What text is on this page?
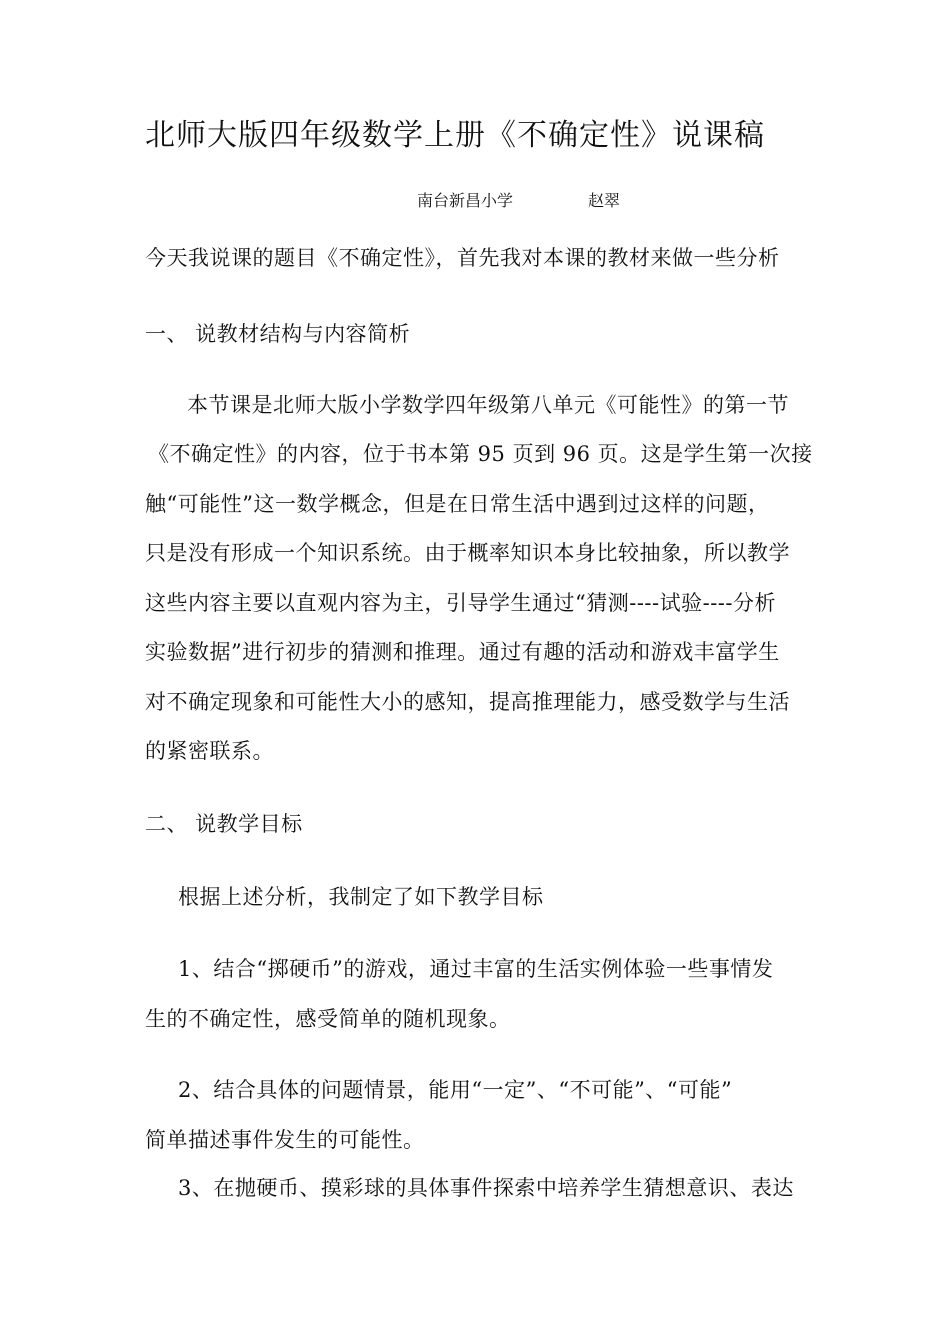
北师大版四年级数学上册《不确定性》说课稿
南台新昌小学	赵翠
今天我说课的题目《不确定性》，首先我对本课的教材来做一些分析
一、 说教材结构与内容简析
本节课是北师大版小学数学四年级第八单元《可能性》的第一节
《不确定性》的内容，位于书本第 95 页到 96 页。这是学生第一次接
触“可能性”这一数学概念，但是在日常生活中遇到过这样的问题，
只是没有形成一个知识系统。由于概率知识本身比较抽象，所以教学
这些内容主要以直观内容为主，引导学生通过“猜测----试验----分析
实验数据”进行初步的猜测和推理。通过有趣的活动和游戏丰富学生
对不确定现象和可能性大小的感知，提高推理能力，感受数学与生活
的紧密联系。
二、 说教学目标
根据上述分析，我制定了如下教学目标
1、结合“掷硬币”的游戏，通过丰富的生活实例体验一些事情发
生的不确定性，感受简单的随机现象。
2、结合具体的问题情景，能用“一定”、“不可能”、“可能”
简单描述事件发生的可能性。
3、在抛硬币、摸彩球的具体事件探索中培养学生猜想意识、表达
